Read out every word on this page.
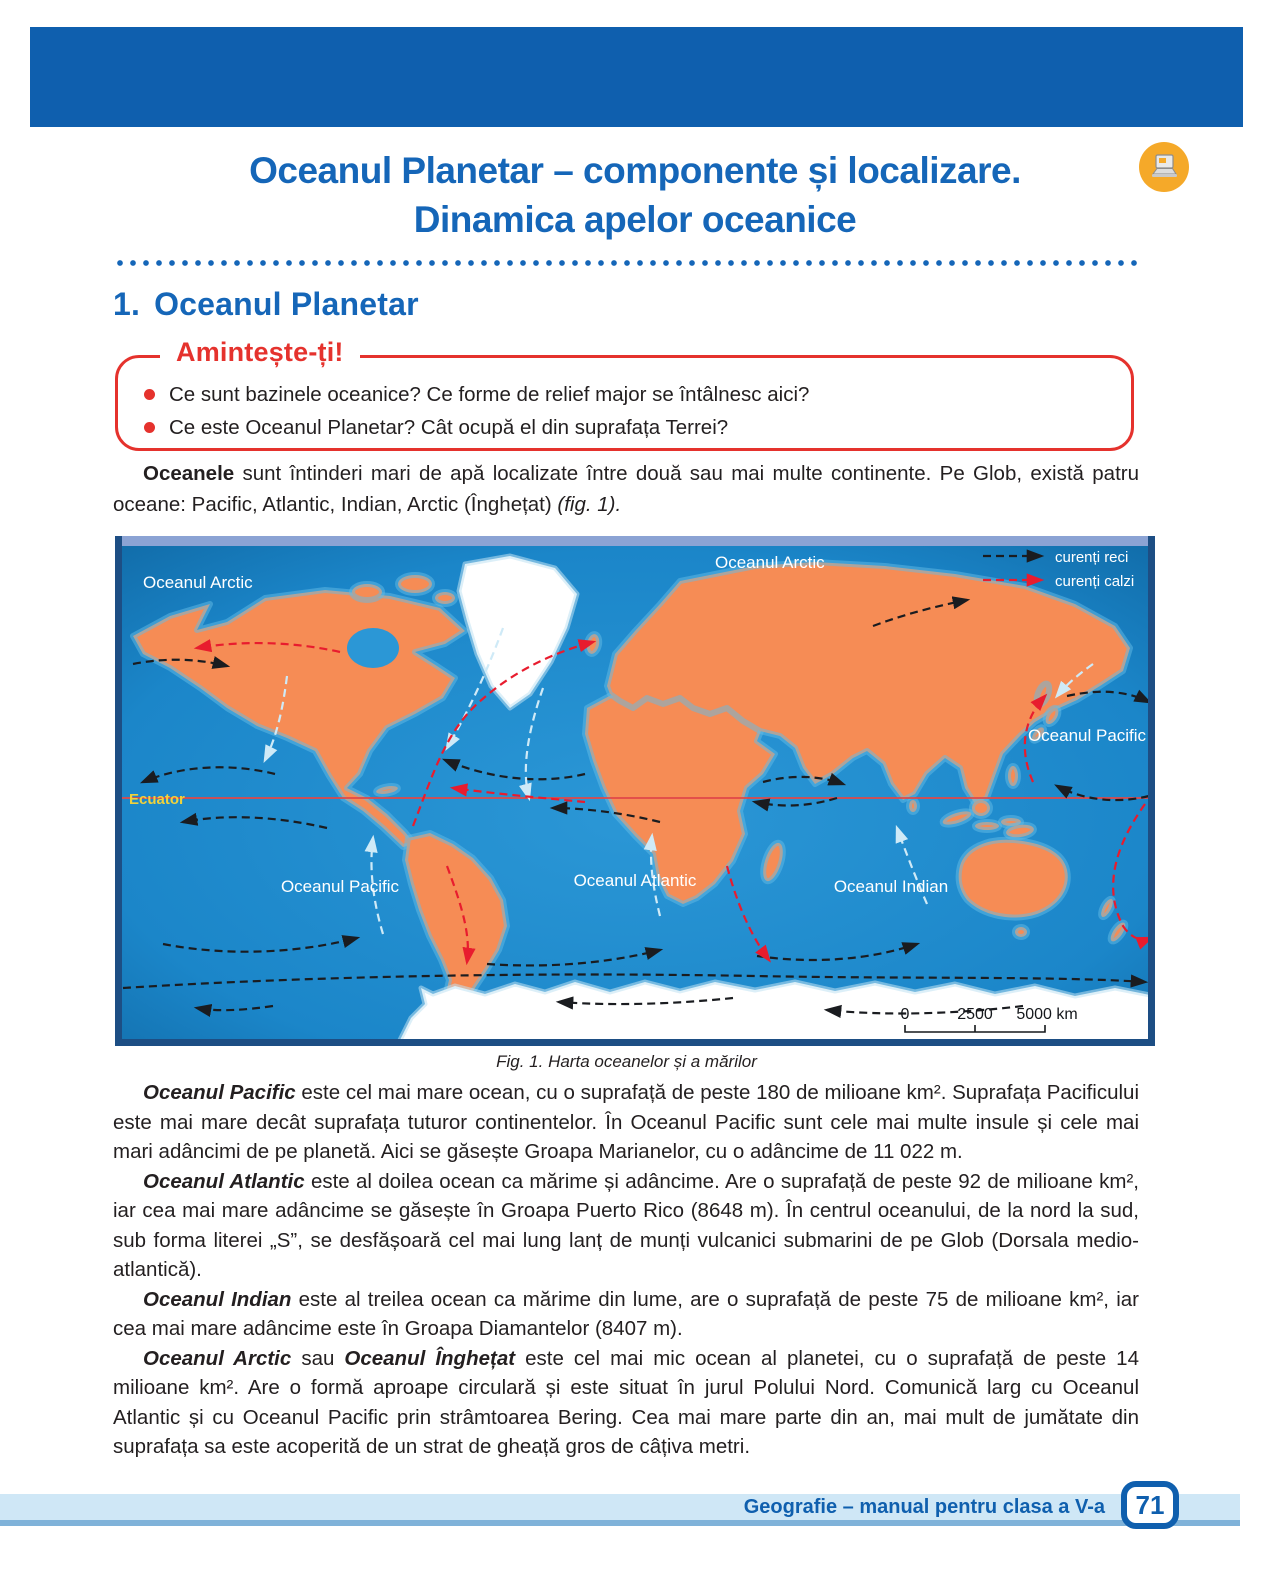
Oceanul Planetar – componente și localizare.
Dinamica apelor oceanice
1. Oceanul Planetar
Amintește-ți!
Ce sunt bazinele oceanice? Ce forme de relief major se întâlnesc aici?
Ce este Oceanul Planetar? Cât ocupă el din suprafața Terrei?

Oceanele sunt întinderi mari de apă localizate între două sau mai multe continente. Pe Glob, există patru oceane: Pacific, Atlantic, Indian, Arctic (Înghețat) (fig. 1).

Oceanul Arctic
Oceanul Arctic
Oceanul Pacific
Oceanul Pacific	Oceanul Atlantic	Oceanul Indian
Ecuator
curenți reci
curenți calzi
0	2500 5000 km
Fig. 1. Harta oceanelor și a mărilor

Oceanul Pacific este cel mai mare ocean, cu o suprafață de peste 180 de milioane km². Suprafața Pacificului este mai mare decât suprafața tuturor continentelor. În Oceanul Pacific sunt cele mai multe insule și cele mai mari adâncimi de pe planetă. Aici se găsește Groapa Marianelor, cu o adâncime de 11 022 m.

Oceanul Atlantic este al doilea ocean ca mărime și adâncime. Are o suprafață de peste 92 de milioane km², iar cea mai mare adâncime se găsește în Groapa Puerto Rico (8648 m). În centrul oceanului, de la nord la sud, sub forma literei „S”, se desfășoară cel mai lung lanț de munți vulcanici submarini de pe Glob (Dorsala medio-atlantică).

Oceanul Indian este al treilea ocean ca mărime din lume, are o suprafață de peste 75 de milioane km², iar cea mai mare adâncime este în Groapa Diamantelor (8407 m).

Oceanul Arctic sau Oceanul Înghețat este cel mai mic ocean al planetei, cu o suprafață de peste 14 milioane km². Are o formă aproape circulară și este situat în jurul Polului Nord. Comunică larg cu Oceanul Atlantic și cu Oceanul Pacific prin strâmtoarea Bering. Cea mai mare parte din an, mai mult de jumătate din suprafața sa este acoperită de un strat de gheață gros de câțiva metri.

Geografie – manual pentru clasa a V-a	71
